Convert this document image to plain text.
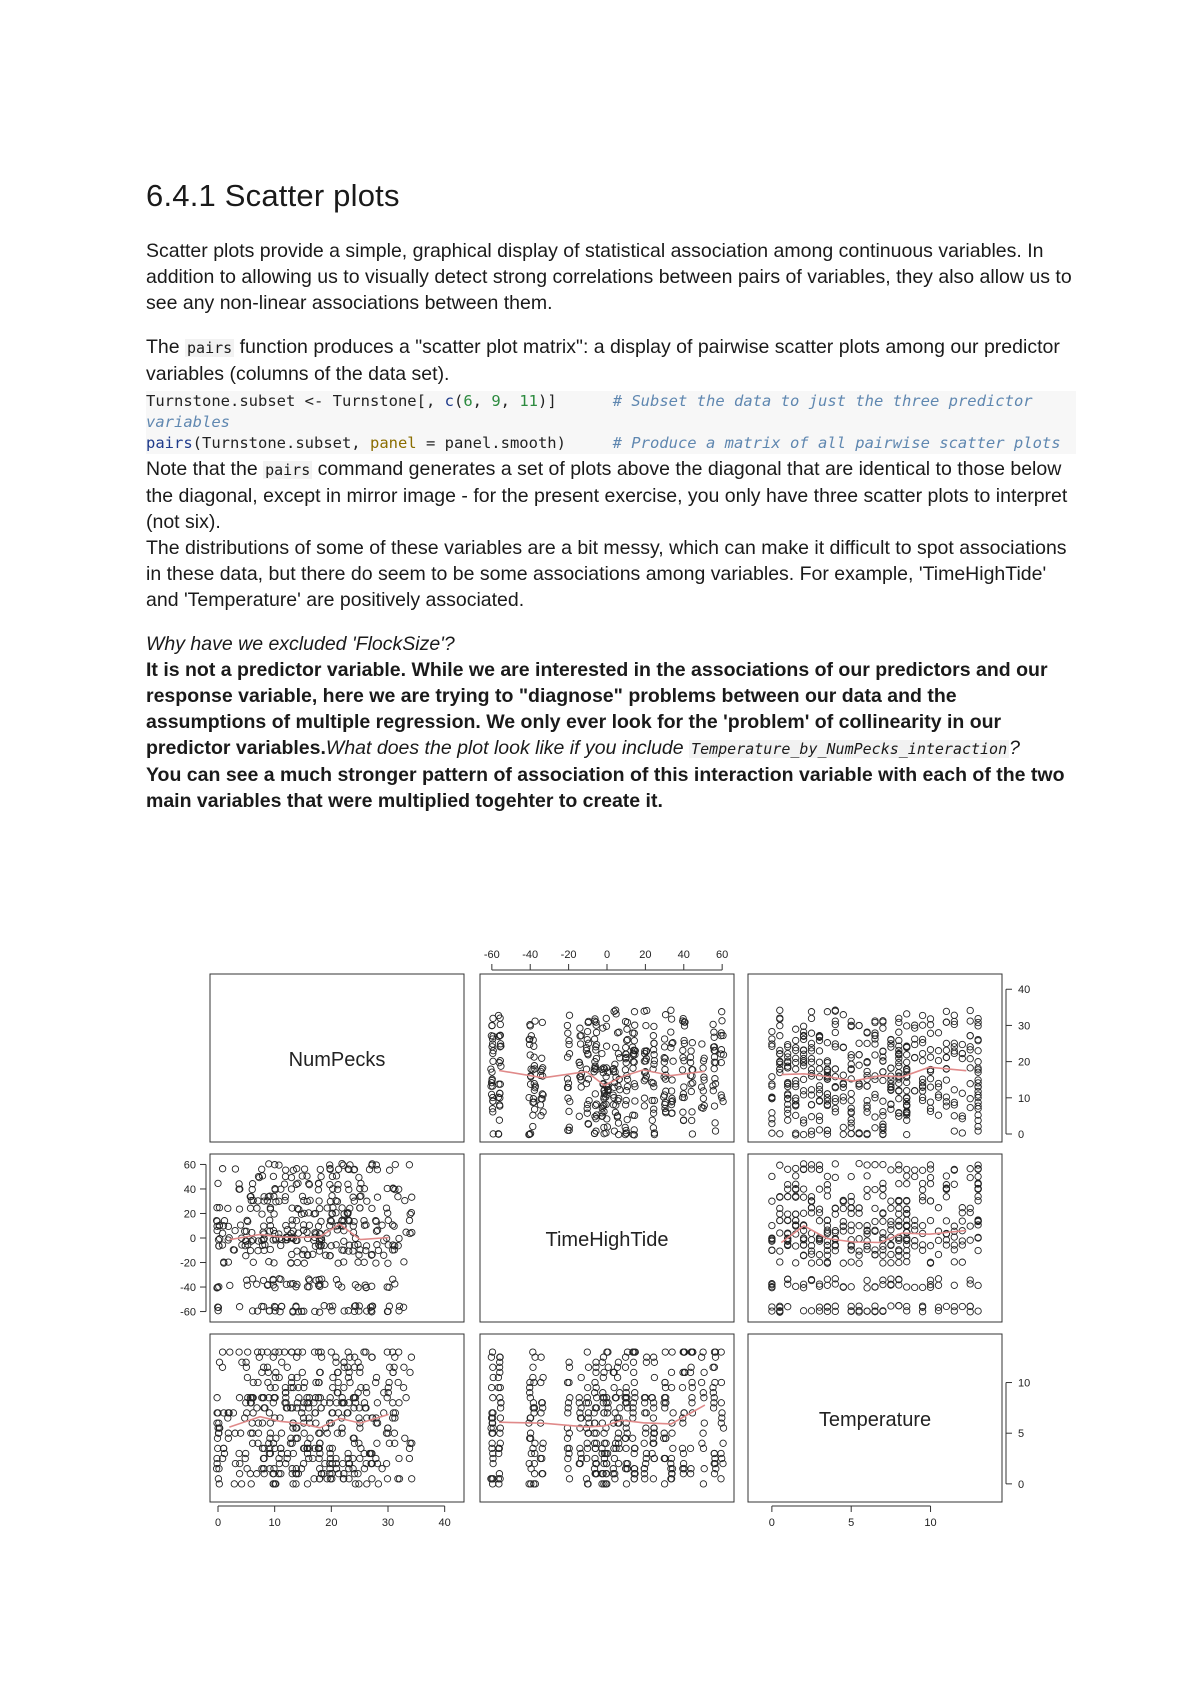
6.4.1 Scatter plots

Scatter plots provide a simple, graphical display of statistical association among continuous variables. In addition to allowing us to visually detect strong correlations between pairs of variables, they also allow us to see any non-linear associations between them.

The pairs function produces a "scatter plot matrix": a display of pairwise scatter plots among our predictor variables (columns of the data set).

Turnstone.subset <- Turnstone[, c(6, 9, 11)]	# Subset the data to just the three predictor variables
pairs(Turnstone.subset, panel = panel.smooth)	# Produce a matrix of all pairwise scatter plots

Note that the pairs command generates a set of plots above the diagonal that are identical to those below the diagonal, except in mirror image - for the present exercise, you only have three scatter plots to interpret (not six).

The distributions of some of these variables are a bit messy, which can make it difficult to spot associations in these data, but there do seem to be some associations among variables. For example, 'TimeHighTide' and 'Temperature' are positively associated.

Why have we excluded 'FlockSize'?

It is not a predictor variable. While we are interested in the associations of our predictors and our response variable, here we are trying to "diagnose" problems between our data and the assumptions of multiple regression. We only ever look for the 'problem' of collinearity in our predictor variables.What does the plot look like if you include Temperature_by_NumPecks_interaction ?

You can see a much stronger pattern of association of this interaction variable with each of the two main variables that were multiplied togehter to create it.

NumPecks
TimeHighTide
Temperature
-60 -40 -20 0	20 40 60
0	10	20	30	40	0	5	10
-60
-40
-20
0
20
40
60
0
10
20
30
40
0
5
10
